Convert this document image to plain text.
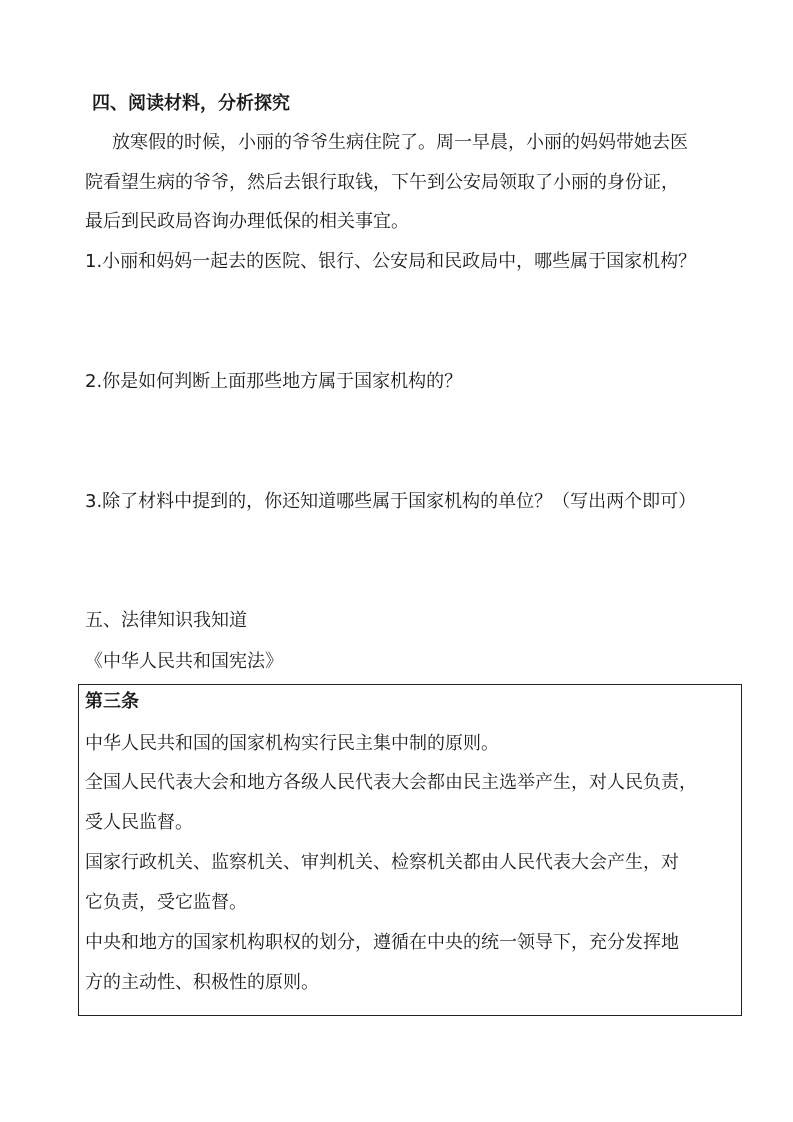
四、阅读材料，分析探究
放寒假的时候，小丽的爷爷生病住院了。周一早晨，小丽的妈妈带她去医
院看望生病的爷爷，然后去银行取钱，下午到公安局领取了小丽的身份证，
最后到民政局咨询办理低保的相关事宜。
1.小丽和妈妈一起去的医院、银行、公安局和民政局中，哪些属于国家机构？
2.你是如何判断上面那些地方属于国家机构的？
3.除了材料中提到的，你还知道哪些属于国家机构的单位？（写出两个即可）
五、法律知识我知道
《中华人民共和国宪法》
第三条
中华人民共和国的国家机构实行民主集中制的原则。
全国人民代表大会和地方各级人民代表大会都由民主选举产生，对人民负责，
受人民监督。
国家行政机关、监察机关、审判机关、检察机关都由人民代表大会产生，对
它负责，受它监督。
中央和地方的国家机构职权的划分，遵循在中央的统一领导下，充分发挥地
方的主动性、积极性的原则。
